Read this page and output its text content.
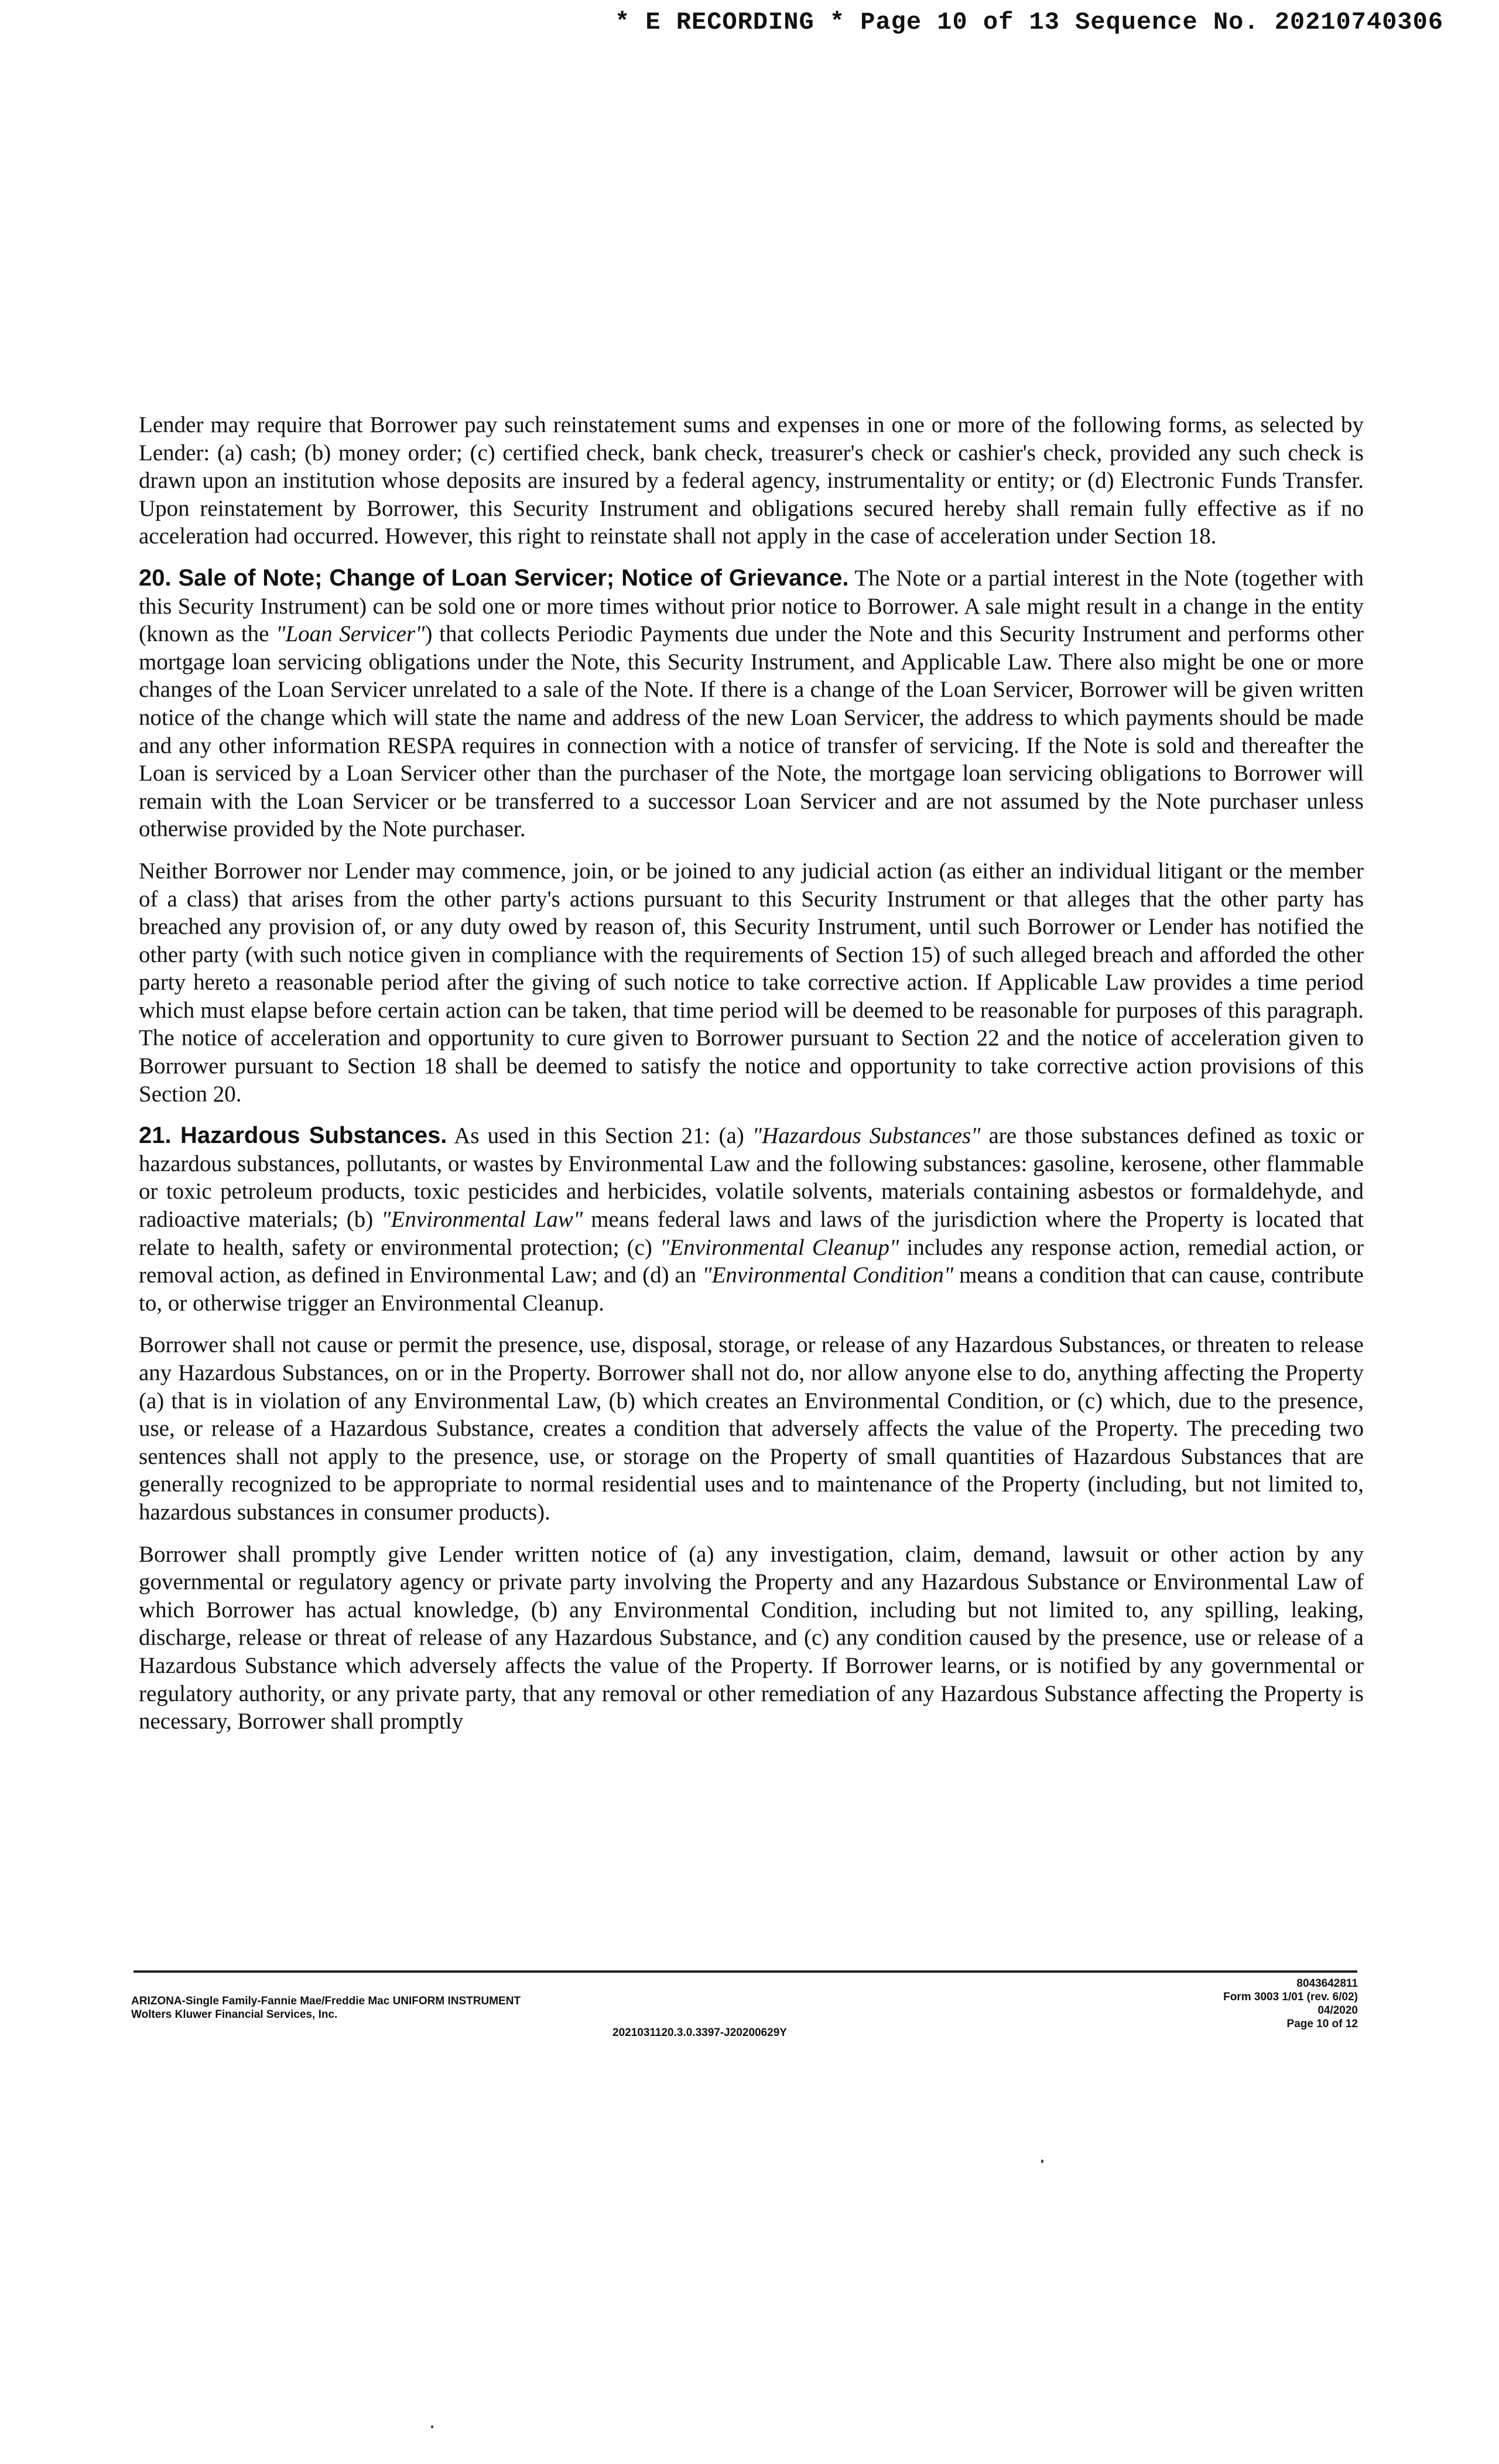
* E RECORDING * Page 10 of 13 Sequence No. 20210740306

Lender may require that Borrower pay such reinstatement sums and expenses in one or more of the following forms, as selected by Lender: (a) cash; (b) money order; (c) certified check, bank check, treasurer's check or cashier's check, provided any such check is drawn upon an institution whose deposits are insured by a federal agency, instrumentality or entity; or (d) Electronic Funds Transfer. Upon reinstatement by Borrower, this Security Instrument and obligations secured hereby shall remain fully effective as if no acceleration had occurred. However, this right to reinstate shall not apply in the case of acceleration under Section 18.

20. Sale of Note; Change of Loan Servicer; Notice of Grievance. The Note or a partial interest in the Note (together with this Security Instrument) can be sold one or more times without prior notice to Borrower. A sale might result in a change in the entity (known as the "Loan Servicer") that collects Periodic Payments due under the Note and this Security Instrument and performs other mortgage loan servicing obligations under the Note, this Security Instrument, and Applicable Law. There also might be one or more changes of the Loan Servicer unrelated to a sale of the Note. If there is a change of the Loan Servicer, Borrower will be given written notice of the change which will state the name and address of the new Loan Servicer, the address to which payments should be made and any other information RESPA requires in connection with a notice of transfer of servicing. If the Note is sold and thereafter the Loan is serviced by a Loan Servicer other than the purchaser of the Note, the mortgage loan servicing obligations to Borrower will remain with the Loan Servicer or be transferred to a successor Loan Servicer and are not assumed by the Note purchaser unless otherwise provided by the Note purchaser.

Neither Borrower nor Lender may commence, join, or be joined to any judicial action (as either an individual litigant or the member of a class) that arises from the other party's actions pursuant to this Security Instrument or that alleges that the other party has breached any provision of, or any duty owed by reason of, this Security Instrument, until such Borrower or Lender has notified the other party (with such notice given in compliance with the requirements of Section 15) of such alleged breach and afforded the other party hereto a reasonable period after the giving of such notice to take corrective action. If Applicable Law provides a time period which must elapse before certain action can be taken, that time period will be deemed to be reasonable for purposes of this paragraph. The notice of acceleration and opportunity to cure given to Borrower pursuant to Section 22 and the notice of acceleration given to Borrower pursuant to Section 18 shall be deemed to satisfy the notice and opportunity to take corrective action provisions of this Section 20.

21. Hazardous Substances. As used in this Section 21: (a) "Hazardous Substances" are those substances defined as toxic or hazardous substances, pollutants, or wastes by Environmental Law and the following substances: gasoline, kerosene, other flammable or toxic petroleum products, toxic pesticides and herbicides, volatile solvents, materials containing asbestos or formaldehyde, and radioactive materials; (b) "Environmental Law" means federal laws and laws of the jurisdiction where the Property is located that relate to health, safety or environmental protection; (c) "Environmental Cleanup" includes any response action, remedial action, or removal action, as defined in Environmental Law; and (d) an "Environmental Condition" means a condition that can cause, contribute to, or otherwise trigger an Environmental Cleanup.

Borrower shall not cause or permit the presence, use, disposal, storage, or release of any Hazardous Substances, or threaten to release any Hazardous Substances, on or in the Property. Borrower shall not do, nor allow anyone else to do, anything affecting the Property (a) that is in violation of any Environmental Law, (b) which creates an Environmental Condition, or (c) which, due to the presence, use, or release of a Hazardous Substance, creates a condition that adversely affects the value of the Property. The preceding two sentences shall not apply to the presence, use, or storage on the Property of small quantities of Hazardous Substances that are generally recognized to be appropriate to normal residential uses and to maintenance of the Property (including, but not limited to, hazardous substances in consumer products).

Borrower shall promptly give Lender written notice of (a) any investigation, claim, demand, lawsuit or other action by any governmental or regulatory agency or private party involving the Property and any Hazardous Substance or Environmental Law of which Borrower has actual knowledge, (b) any Environmental Condition, including but not limited to, any spilling, leaking, discharge, release or threat of release of any Hazardous Substance, and (c) any condition caused by the presence, use or release of a Hazardous Substance which adversely affects the value of the Property. If Borrower learns, or is notified by any governmental or regulatory authority, or any private party, that any removal or other remediation of any Hazardous Substance affecting the Property is necessary, Borrower shall promptly

ARIZONA-Single Family-Fannie Mae/Freddie Mac UNIFORM INSTRUMENT
Wolters Kluwer Financial Services, Inc.
2021031120.3.0.3397-J20200629Y
8043642811
Form 3003 1/01 (rev. 6/02)
04/2020
Page 10 of 12
